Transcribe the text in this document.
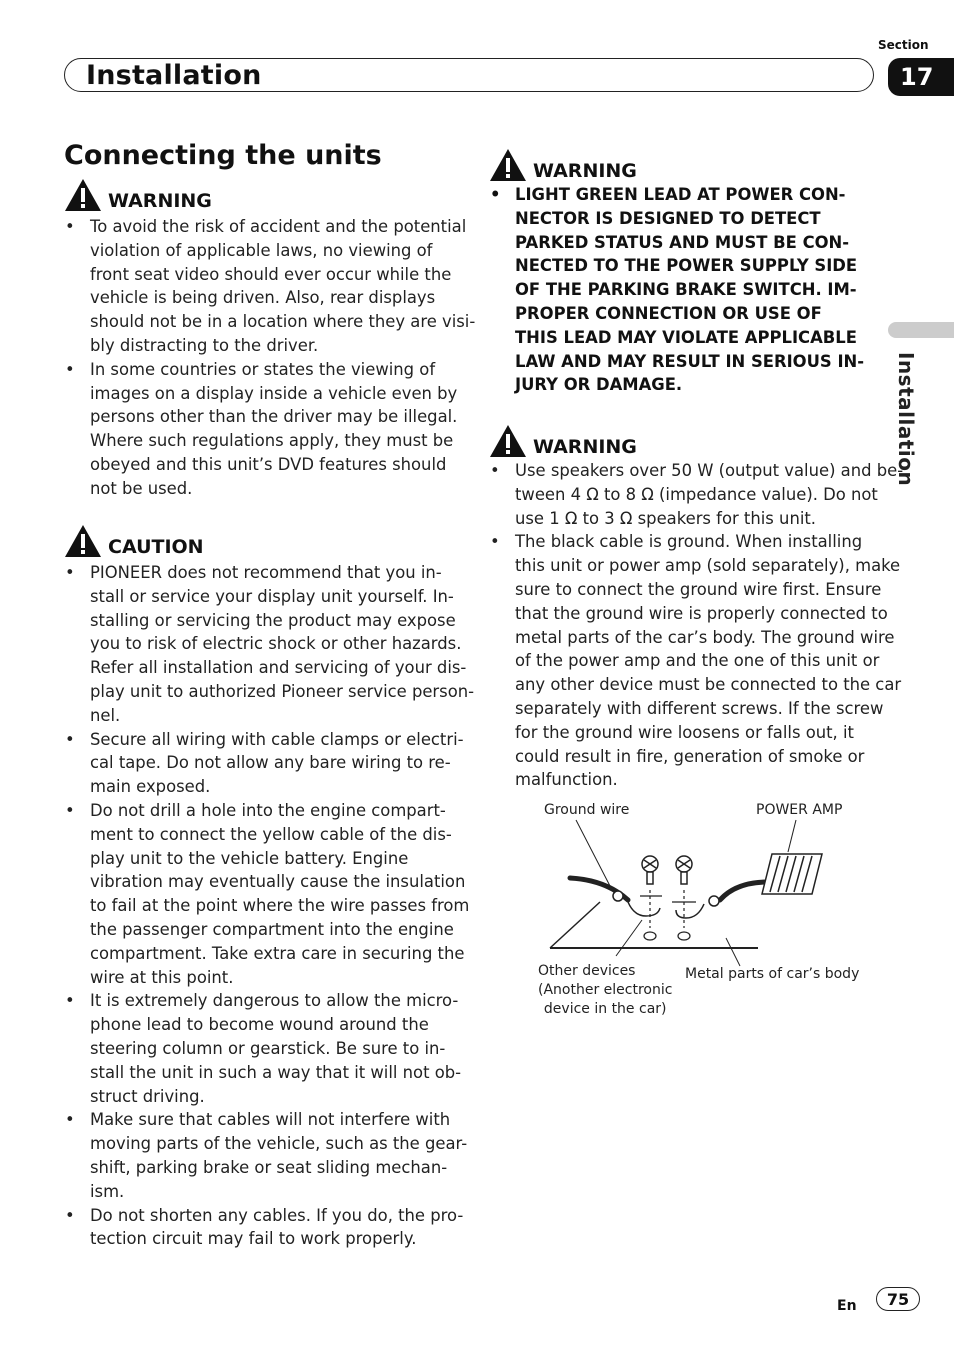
Section
Installation	17
Installation
Connecting the units
WARNING
• To avoid the risk of accident and the potential
violation of applicable laws, no viewing of
front seat video should ever occur while the
vehicle is being driven. Also, rear displays
should not be in a location where they are visi-
bly distracting to the driver.
• In some countries or states the viewing of
images on a display inside a vehicle even by
persons other than the driver may be illegal.
Where such regulations apply, they must be
obeyed and this unit’s DVD features should
not be used.
CAUTION
• PIONEER does not recommend that you in-
stall or service your display unit yourself. In-
stalling or servicing the product may expose
you to risk of electric shock or other hazards.
Refer all installation and servicing of your dis-
play unit to authorized Pioneer service person-
nel.
• Secure all wiring with cable clamps or electri-
cal tape. Do not allow any bare wiring to re-
main exposed.
• Do not drill a hole into the engine compart-
ment to connect the yellow cable of the dis-
play unit to the vehicle battery. Engine
vibration may eventually cause the insulation
to fail at the point where the wire passes from
the passenger compartment into the engine
compartment. Take extra care in securing the
wire at this point.
• It is extremely dangerous to allow the micro-
phone lead to become wound around the
steering column or gearstick. Be sure to in-
stall the unit in such a way that it will not ob-
struct driving.
• Make sure that cables will not interfere with
moving parts of the vehicle, such as the gear-
shift, parking brake or seat sliding mechan-
ism.
• Do not shorten any cables. If you do, the pro-
tection circuit may fail to work properly.
WARNING
• LIGHT GREEN LEAD AT POWER CON-
NECTOR IS DESIGNED TO DETECT
PARKED STATUS AND MUST BE CON-
NECTED TO THE POWER SUPPLY SIDE
OF THE PARKING BRAKE SWITCH. IM-
PROPER CONNECTION OR USE OF
THIS LEAD MAY VIOLATE APPLICABLE
LAW AND MAY RESULT IN SERIOUS IN-
JURY OR DAMAGE.
WARNING
• Use speakers over 50 W (output value) and be-
tween 4 Ω to 8 Ω (impedance value). Do not
use 1 Ω to 3 Ω speakers for this unit.
• The black cable is ground. When installing
this unit or power amp (sold separately), make
sure to connect the ground wire first. Ensure
that the ground wire is properly connected to
metal parts of the car’s body. The ground wire
of the power amp and the one of this unit or
any other device must be connected to the car
separately with different screws. If the screw
for the ground wire loosens or falls out, it
could result in fire, generation of smoke or
malfunction.
Ground wire	POWER AMP
Other devices
(Another electronic
device in the car)
Metal parts of car’s body
En 75
